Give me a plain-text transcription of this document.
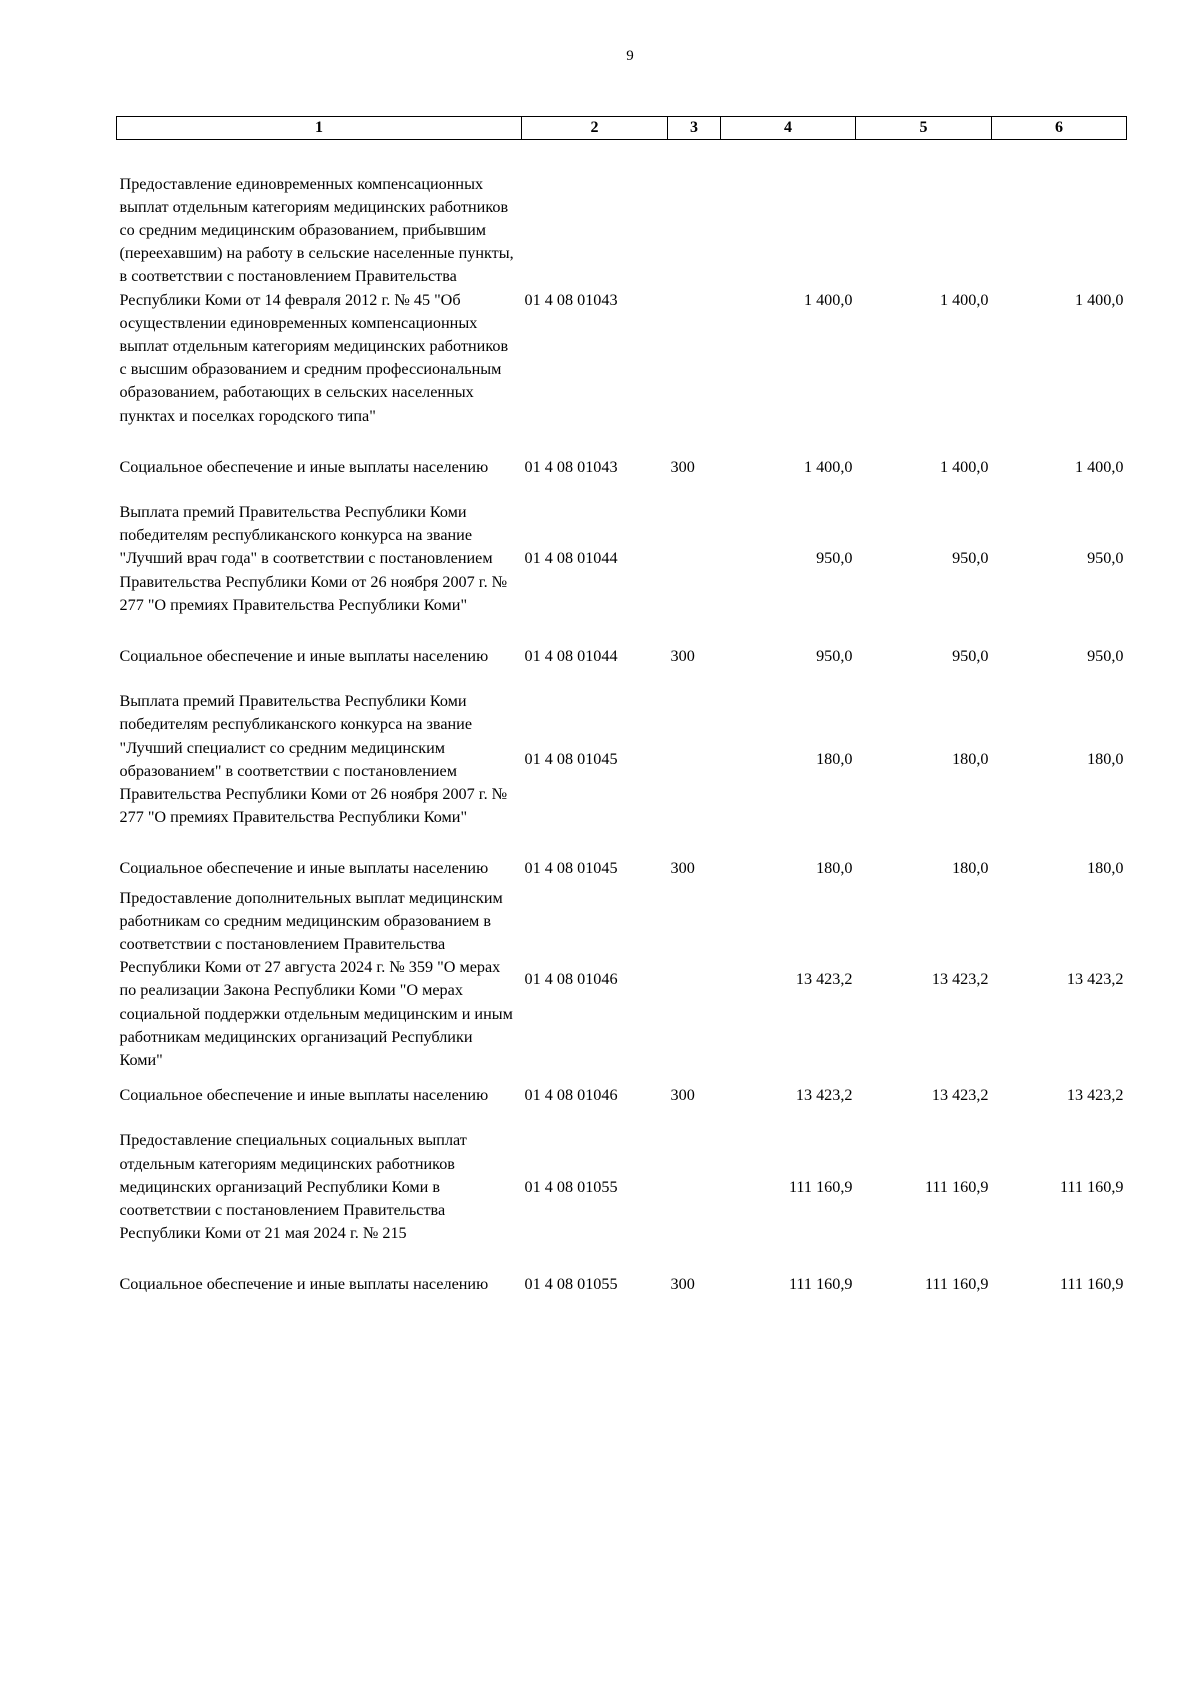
9
1	2	3	4	5	6

Предоставление единовременных компенсационных выплат отдельным категориям медицинских работников со средним медицинским образованием, прибывшим (переехавшим) на работу в сельские населенные пункты, в соответствии с постановлением Правительства Республики Коми от 14 февраля 2012 г. № 45 "Об осуществлении единовременных компенсационных выплат отдельным категориям медицинских работников с высшим образованием и средним профессиональным образованием, работающих в сельских населенных пунктах и поселках городского типа"	01 4 08 01043		1 400,0	1 400,0	1 400,0

Социальное обеспечение и иные выплаты населению	01 4 08 01043	300	1 400,0	1 400,0	1 400,0

Выплата премий Правительства Республики Коми победителям республиканского конкурса на звание "Лучший врач года" в соответствии с постановлением Правительства Республики Коми от 26 ноября 2007 г. № 277 "О премиях Правительства Республики Коми"	01 4 08 01044		950,0	950,0	950,0

Социальное обеспечение и иные выплаты населению	01 4 08 01044	300	950,0	950,0	950,0

Выплата премий Правительства Республики Коми победителям республиканского конкурса на звание "Лучший специалист со средним медицинским образованием" в соответствии с постановлением Правительства Республики Коми от 26 ноября 2007 г. № 277 "О премиях Правительства Республики Коми"	01 4 08 01045		180,0	180,0	180,0

Социальное обеспечение и иные выплаты населению	01 4 08 01045	300	180,0	180,0	180,0

Предоставление дополнительных выплат медицинским работникам со средним медицинским образованием в соответствии с постановлением Правительства Республики Коми от 27 августа 2024 г. № 359 "О мерах по реализации Закона Республики Коми "О мерах социальной поддержки отдельным медицинским и иным работникам медицинских организаций Республики Коми"	01 4 08 01046		13 423,2	13 423,2	13 423,2

Социальное обеспечение и иные выплаты населению	01 4 08 01046	300	13 423,2	13 423,2	13 423,2

Предоставление специальных социальных выплат отдельным категориям медицинских работников медицинских организаций Республики Коми в соответствии с постановлением Правительства Республики Коми от 21 мая 2024 г. № 215	01 4 08 01055		111 160,9	111 160,9	111 160,9

Социальное обеспечение и иные выплаты населению	01 4 08 01055	300	111 160,9	111 160,9	111 160,9
